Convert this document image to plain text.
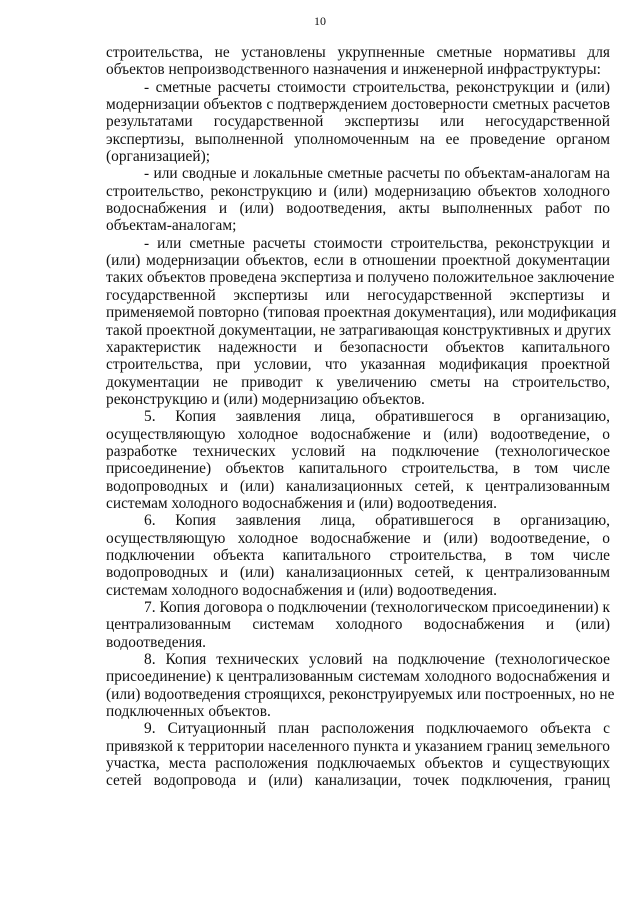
10
строительства, не установлены укрупненные сметные нормативы для
объектов непроизводственного назначения и инженерной инфраструктуры:
- сметные расчеты стоимости строительства, реконструкции и (или)
модернизации объектов с подтверждением достоверности сметных расчетов
результатами государственной экспертизы или негосударственной
экспертизы, выполненной уполномоченным на ее проведение органом
(организацией);
- или сводные и локальные сметные расчеты по объектам-аналогам на
строительство, реконструкцию и (или) модернизацию объектов холодного
водоснабжения и (или) водоотведения, акты выполненных работ по
объектам-аналогам;
- или сметные расчеты стоимости строительства, реконструкции и
(или) модернизации объектов, если в отношении проектной документации
таких объектов проведена экспертиза и получено положительное заключение
государственной экспертизы или негосударственной экспертизы и
применяемой повторно (типовая проектная документация), или модификация
такой проектной документации, не затрагивающая конструктивных и других
характеристик надежности и безопасности объектов капитального
строительства, при условии, что указанная модификация проектной
документации не приводит к увеличению сметы на строительство,
реконструкцию и (или) модернизацию объектов.
5. Копия заявления лица, обратившегося в организацию,
осуществляющую холодное водоснабжение и (или) водоотведение, о
разработке технических условий на подключение (технологическое
присоединение) объектов капитального строительства, в том числе
водопроводных и (или) канализационных сетей, к централизованным
системам холодного водоснабжения и (или) водоотведения.
6. Копия заявления лица, обратившегося в организацию,
осуществляющую холодное водоснабжение и (или) водоотведение, о
подключении объекта капитального строительства, в том числе
водопроводных и (или) канализационных сетей, к централизованным
системам холодного водоснабжения и (или) водоотведения.
7. Копия договора о подключении (технологическом присоединении) к
централизованным системам холодного водоснабжения и (или)
водоотведения.
8. Копия технических условий на подключение (технологическое
присоединение) к централизованным системам холодного водоснабжения и
(или) водоотведения строящихся, реконструируемых или построенных, но не
подключенных объектов.
9. Ситуационный план расположения подключаемого объекта с
привязкой к территории населенного пункта и указанием границ земельного
участка, места расположения подключаемых объектов и существующих
сетей водопровода и (или) канализации, точек подключения, границ
